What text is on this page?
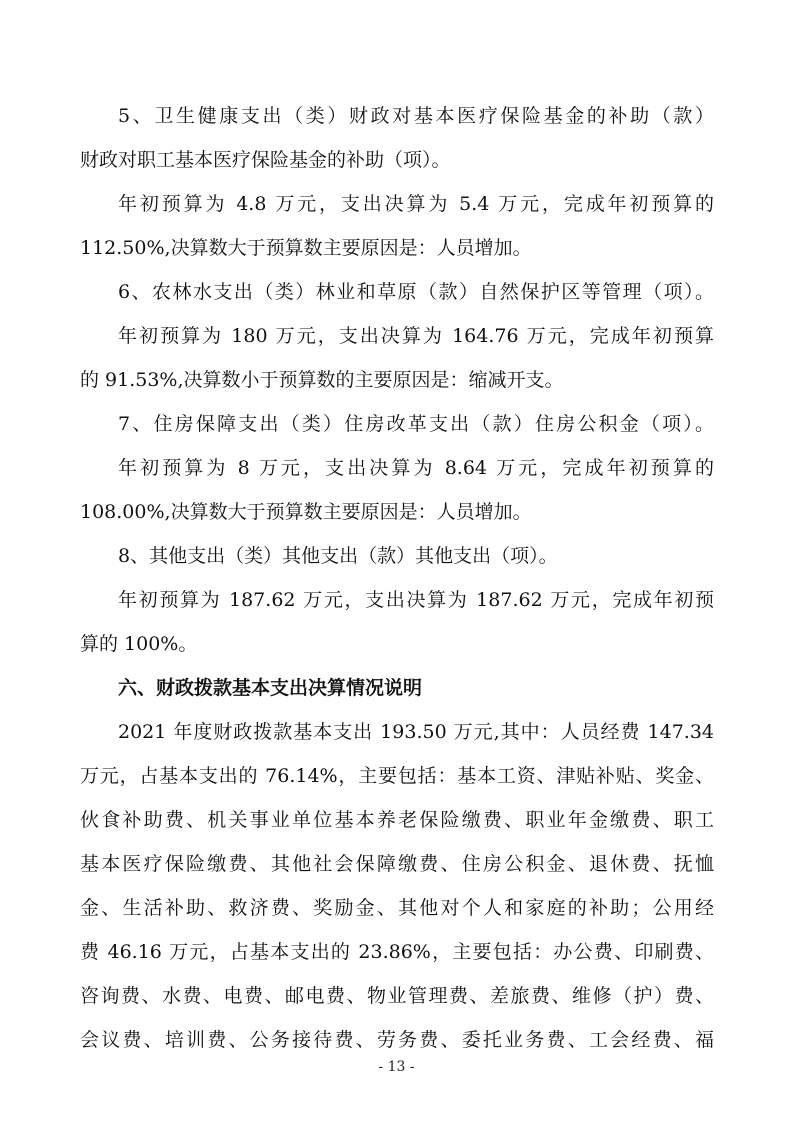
5、卫生健康支出（类）财政对基本医疗保险基金的补助（款）
财政对职工基本医疗保险基金的补助（项）。
年初预算为 4.8 万元，支出决算为 5.4 万元，完成年初预算的
112.50%,决算数大于预算数主要原因是：人员增加。
6、农林水支出（类）林业和草原（款）自然保护区等管理（项）。
年初预算为 180 万元，支出决算为 164.76 万元，完成年初预算
的 91.53%,决算数小于预算数的主要原因是：缩减开支。
7、住房保障支出（类）住房改革支出（款）住房公积金（项）。
年初预算为 8 万元，支出决算为 8.64 万元，完成年初预算的
108.00%,决算数大于预算数主要原因是：人员增加。
8、其他支出（类）其他支出（款）其他支出（项）。
年初预算为 187.62 万元，支出决算为 187.62 万元，完成年初预
算的 100%。
六、财政拨款基本支出决算情况说明
2021 年度财政拨款基本支出 193.50 万元,其中：人员经费 147.34
万元，占基本支出的 76.14%，主要包括：基本工资、津贴补贴、奖金、
伙食补助费、机关事业单位基本养老保险缴费、职业年金缴费、职工
基本医疗保险缴费、其他社会保障缴费、住房公积金、退休费、抚恤
金、生活补助、救济费、奖励金、其他对个人和家庭的补助；公用经
费 46.16 万元，占基本支出的 23.86%，主要包括：办公费、印刷费、
咨询费、水费、电费、邮电费、物业管理费、差旅费、维修（护）费、
会议费、培训费、公务接待费、劳务费、委托业务费、工会经费、福
- 13 -
